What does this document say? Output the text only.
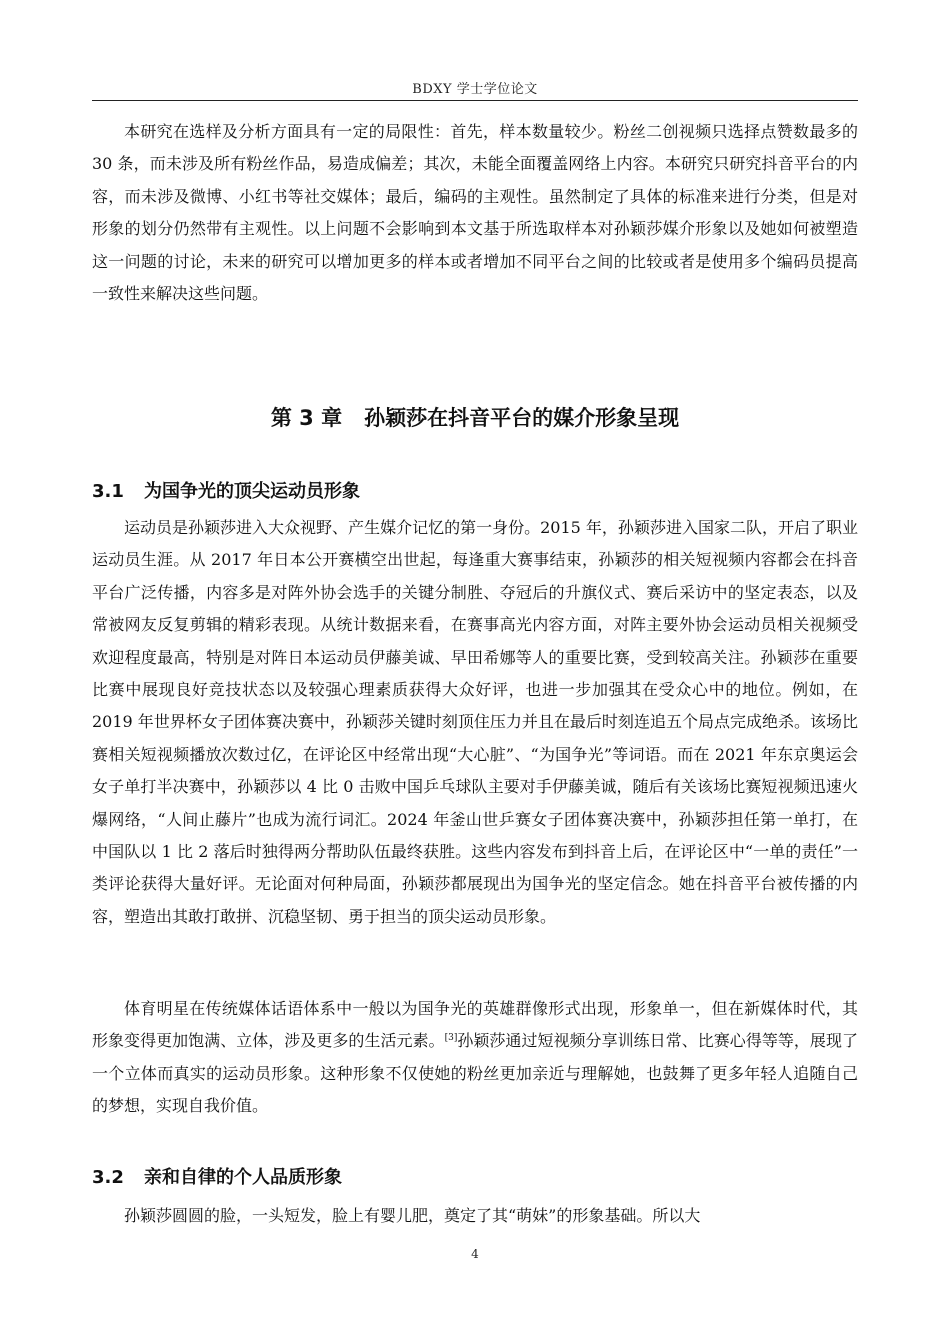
BDXY 学士学位论文

本研究在选样及分析方面具有一定的局限性：首先，样本数量较少。粉丝二创视频只选择点赞数最多的 30 条，而未涉及所有粉丝作品，易造成偏差；其次，未能全面覆盖网络上内容。本研究只研究抖音平台的内容，而未涉及微博、小红书等社交媒体；最后，编码的主观性。虽然制定了具体的标准来进行分类，但是对形象的划分仍然带有主观性。以上问题不会影响到本文基于所选取样本对孙颖莎媒介形象以及她如何被塑造这一问题的讨论，未来的研究可以增加更多的样本或者增加不同平台之间的比较或者是使用多个编码员提高一致性来解决这些问题。

第 3 章 孙颖莎在抖音平台的媒介形象呈现
3.1 为国争光的顶尖运动员形象

运动员是孙颖莎进入大众视野、产生媒介记忆的第一身份。2015 年，孙颖莎进入国家二队，开启了职业运动员生涯。从 2017 年日本公开赛横空出世起，每逢重大赛事结束，孙颖莎的相关短视频内容都会在抖音平台广泛传播，内容多是对阵外协会选手的关键分制胜、夺冠后的升旗仪式、赛后采访中的坚定表态，以及常被网友反复剪辑的精彩表现。从统计数据来看，在赛事高光内容方面，对阵主要外协会运动员相关视频受欢迎程度最高，特别是对阵日本运动员伊藤美诚、早田希娜等人的重要比赛，受到较高关注。孙颖莎在重要比赛中展现良好竞技状态以及较强心理素质获得大众好评，也进一步加强其在受众心中的地位。例如，在 2019 年世界杯女子团体赛决赛中，孙颖莎关键时刻顶住压力并且在最后时刻连追五个局点完成绝杀。该场比赛相关短视频播放次数过亿，在评论区中经常出现“大心脏”、“为国争光”等词语。而在 2021 年东京奥运会女子单打半决赛中，孙颖莎以 4 比 0 击败中国乒乓球队主要对手伊藤美诚，随后有关该场比赛短视频迅速火爆网络，“人间止藤片”也成为流行词汇。2024 年釜山世乒赛女子团体赛决赛中，孙颖莎担任第一单打，在中国队以 1 比 2 落后时独得两分帮助队伍最终获胜。这些内容发布到抖音上后，在评论区中“一单的责任”一类评论获得大量好评。无论面对何种局面，孙颖莎都展现出为国争光的坚定信念。她在抖音平台被传播的内容，塑造出其敢打敢拼、沉稳坚韧、勇于担当的顶尖运动员形象。

体育明星在传统媒体话语体系中一般以为国争光的英雄群像形式出现，形象单一，但在新媒体时代，其形象变得更加饱满、立体，涉及更多的生活元素。[3]孙颖莎通过短视频分享训练日常、比赛心得等等，展现了一个立体而真实的运动员形象。这种形象不仅使她的粉丝更加亲近与理解她，也鼓舞了更多年轻人追随自己的梦想，实现自我价值。

3.2 亲和自律的个人品质形象

孙颖莎圆圆的脸，一头短发，脸上有婴儿肥，奠定了其“萌妹”的形象基础。所以大

4
